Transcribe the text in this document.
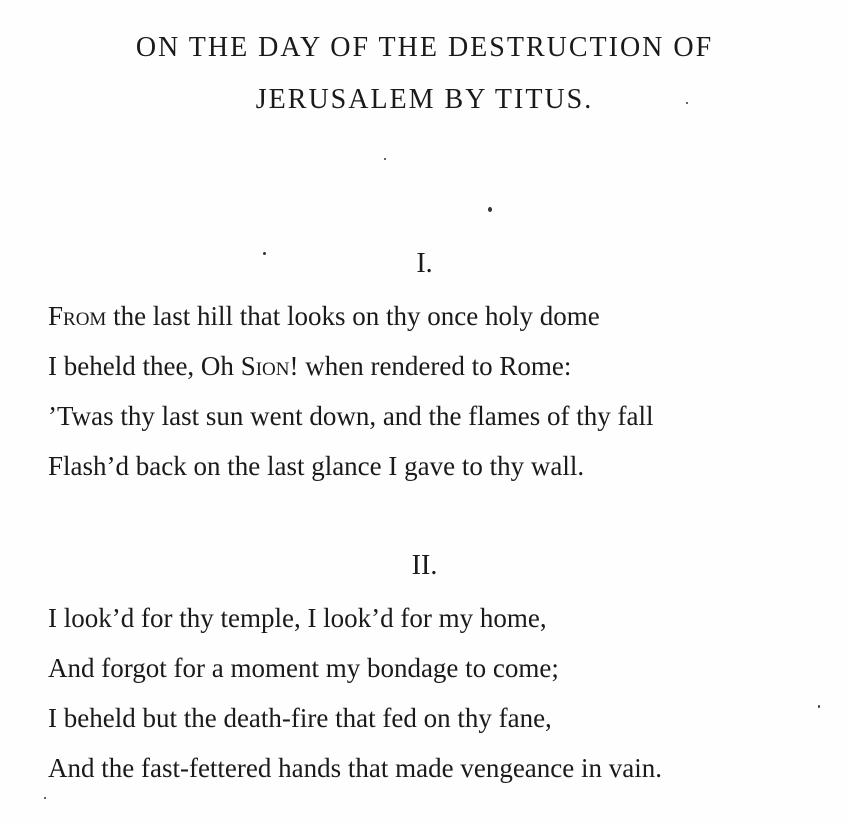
ON THE DAY OF THE DESTRUCTION OF
JERUSALEM BY TITUS.
I.
From the last hill that looks on thy once holy dome
I beheld thee, Oh Sion! when rendered to Rome:
’Twas thy last sun went down, and the flames of thy fall
Flash’d back on the last glance I gave to thy wall.
II.
I look’d for thy temple, I look’d for my home,
And forgot for a moment my bondage to come;
I beheld but the death-fire that fed on thy fane,
And the fast-fettered hands that made vengeance in vain.
